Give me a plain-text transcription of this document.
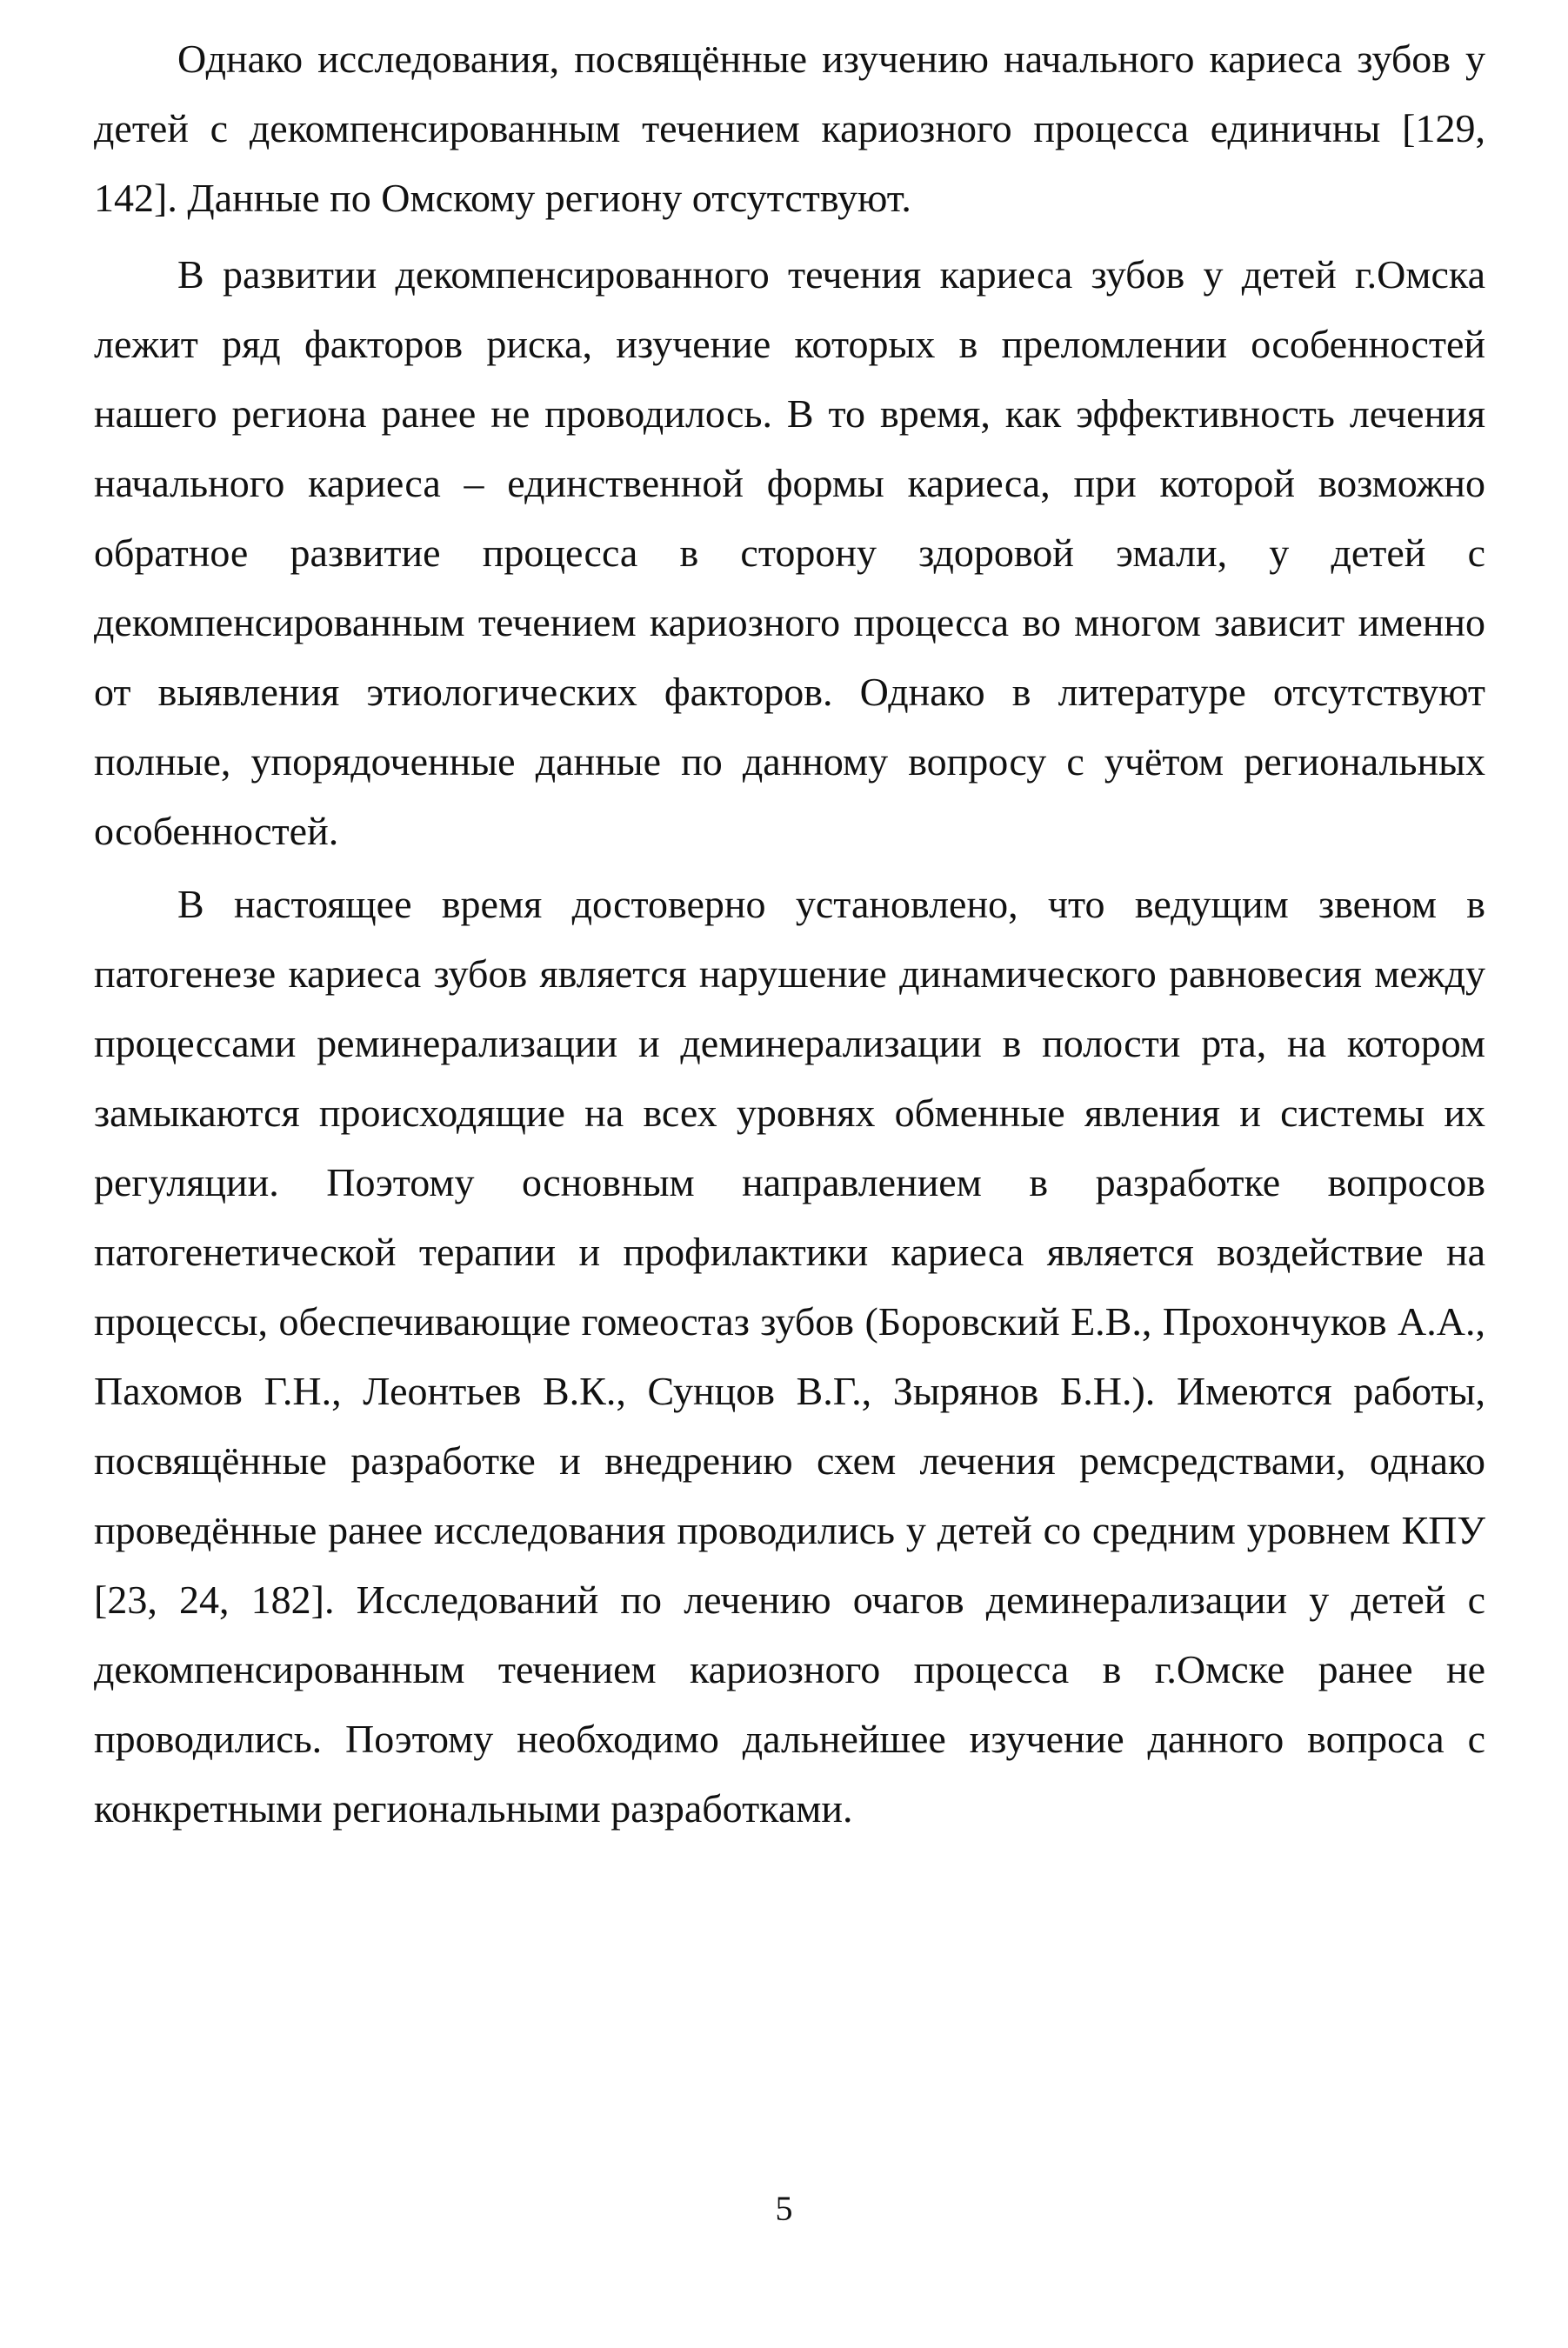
Однако исследования, посвящённые изучению начального кариеса зубов у детей с декомпенсированным течением кариозного процесса единичны [129, 142]. Данные по Омскому региону отсутствуют.

В развитии декомпенсированного течения кариеса зубов у детей г.Омска лежит ряд факторов риска, изучение которых в преломлении особенностей нашего региона ранее не проводилось. В то время, как эффективность лечения начального кариеса – единственной формы кариеса, при которой возможно обратное развитие процесса в сторону здоровой эмали, у детей с декомпенсированным течением кариозного процесса во многом зависит именно от выявления этиологических факторов. Однако в литературе отсутствуют полные, упорядоченные данные по данному вопросу с учётом региональных особенностей.

В настоящее время достоверно установлено, что ведущим звеном в патогенезе кариеса зубов является нарушение динамического равновесия между процессами реминерализации и деминерализации в полости рта, на котором замыкаются происходящие на всех уровнях обменные явления и системы их регуляции. Поэтому основным направлением в разработке вопросов патогенетической терапии и профилактики кариеса является воздействие на процессы, обеспечивающие гомеостаз зубов (Боровский Е.В., Прохончуков А.А., Пахомов Г.Н., Леонтьев В.К., Сунцов В.Г., Зырянов Б.Н.). Имеются работы, посвящённые разработке и внедрению схем лечения ремсредствами, однако проведённые ранее исследования проводились у детей со средним уровнем КПУ [23, 24, 182]. Исследований по лечению очагов деминерализации у детей с декомпенсированным течением кариозного процесса в г.Омске ранее не проводились. Поэтому необходимо дальнейшее изучение данного вопроса с конкретными региональными разработками.

5
